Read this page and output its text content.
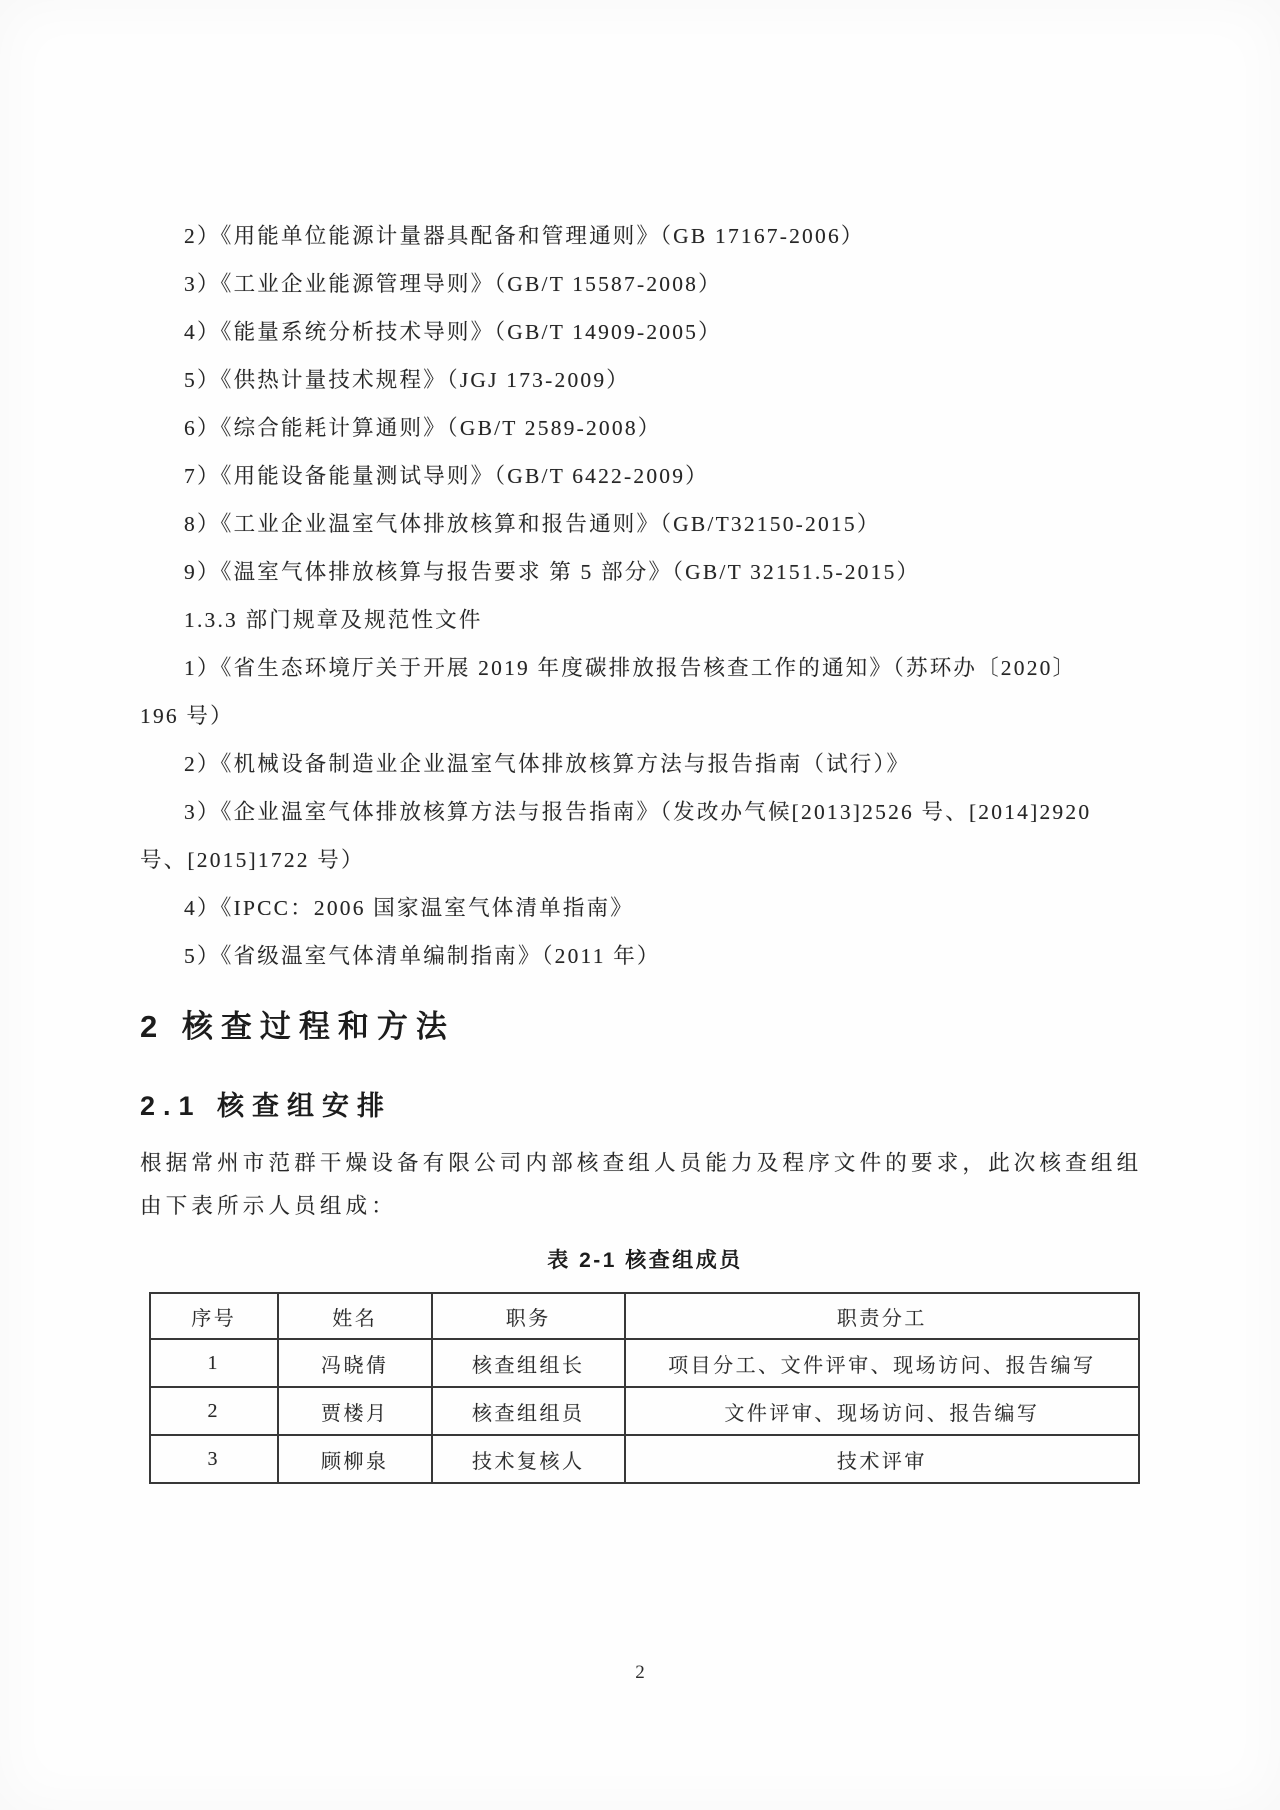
2）《用能单位能源计量器具配备和管理通则》（GB 17167-2006）

3）《工业企业能源管理导则》（GB/T 15587-2008）

4）《能量系统分析技术导则》（GB/T 14909-2005）

5）《供热计量技术规程》（JGJ 173-2009）

6）《综合能耗计算通则》（GB/T 2589-2008）

7）《用能设备能量测试导则》（GB/T 6422-2009）

8）《工业企业温室气体排放核算和报告通则》（GB/T32150-2015）

9）《温室气体排放核算与报告要求 第 5 部分》（GB/T 32151.5-2015）

1.3.3 部门规章及规范性文件

1）《省生态环境厅关于开展 2019 年度碳排放报告核查工作的通知》（苏环办〔2020〕

196 号）

2）《机械设备制造业企业温室气体排放核算方法与报告指南（试行）》

3）《企业温室气体排放核算方法与报告指南》（发改办气候[2013]2526 号、[2014]2920

号、[2015]1722 号）

4）《IPCC：2006 国家温室气体清单指南》

5）《省级温室气体清单编制指南》（2011 年）

2 核查过程和方法
2.1 核查组安排

根据常州市范群干燥设备有限公司内部核查组人员能力及程序文件的要求，此次核查组组

由下表所示人员组成：

表 2-1 核查组成员
序号	姓名	职务	职责分工
1	冯晓倩	核查组组长	项目分工、文件评审、现场访问、报告编写
2	贾楼月	核查组组员	文件评审、现场访问、报告编写
3	顾柳泉	技术复核人	技术评审
2
